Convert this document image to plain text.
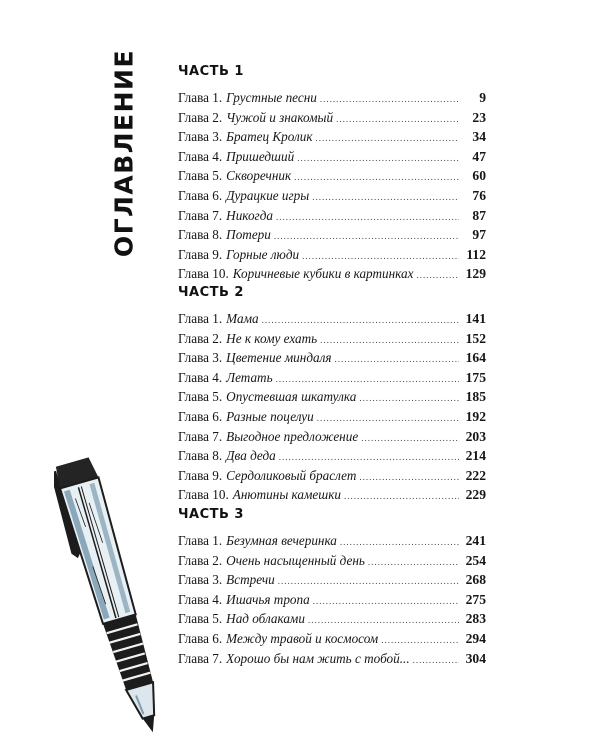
ОГЛАВЛЕНИЕ	ЧАСТЬ 1
Глава 1. Грустные песни .....	9
Глава 2. Чужой и знакомый .....	23
Глава 3. Братец Кролик .....	34
Глава 4. Пришедший .....	47
Глава 5. Скворечник .....	60
Глава 6. Дурацкие игры .....	76
Глава 7. Никогда .....	87
Глава 8. Потери .....	97
Глава 9. Горные люди .....	112
Глава 10. Коричневые кубики в картинках .....	129
ЧАСТЬ 2
Глава 1. Мама .....	141
Глава 2. Не к кому ехать .....	152
Глава 3. Цветение миндаля .....	164
Глава 4. Летать .....	175
Глава 5. Опустевшая шкатулка .....	185
Глава 6. Разные поцелуи .....	192
Глава 7. Выгодное предложение .....	203
Глава 8. Два деда .....	214
Глава 9. Сердоликовый браслет .....	222
Глава 10. Анютины камешки .....	229
ЧАСТЬ 3
Глава 1. Безумная вечеринка .....	241
Глава 2. Очень насыщенный день .....	254
Глава 3. Встречи .....	268
Глава 4. Ишачья тропа .....	275
Глава 5. Над облаками .....	283
Глава 6. Между травой и космосом .....	294
Глава 7. Хорошо бы нам жить с тобой... .....	304
